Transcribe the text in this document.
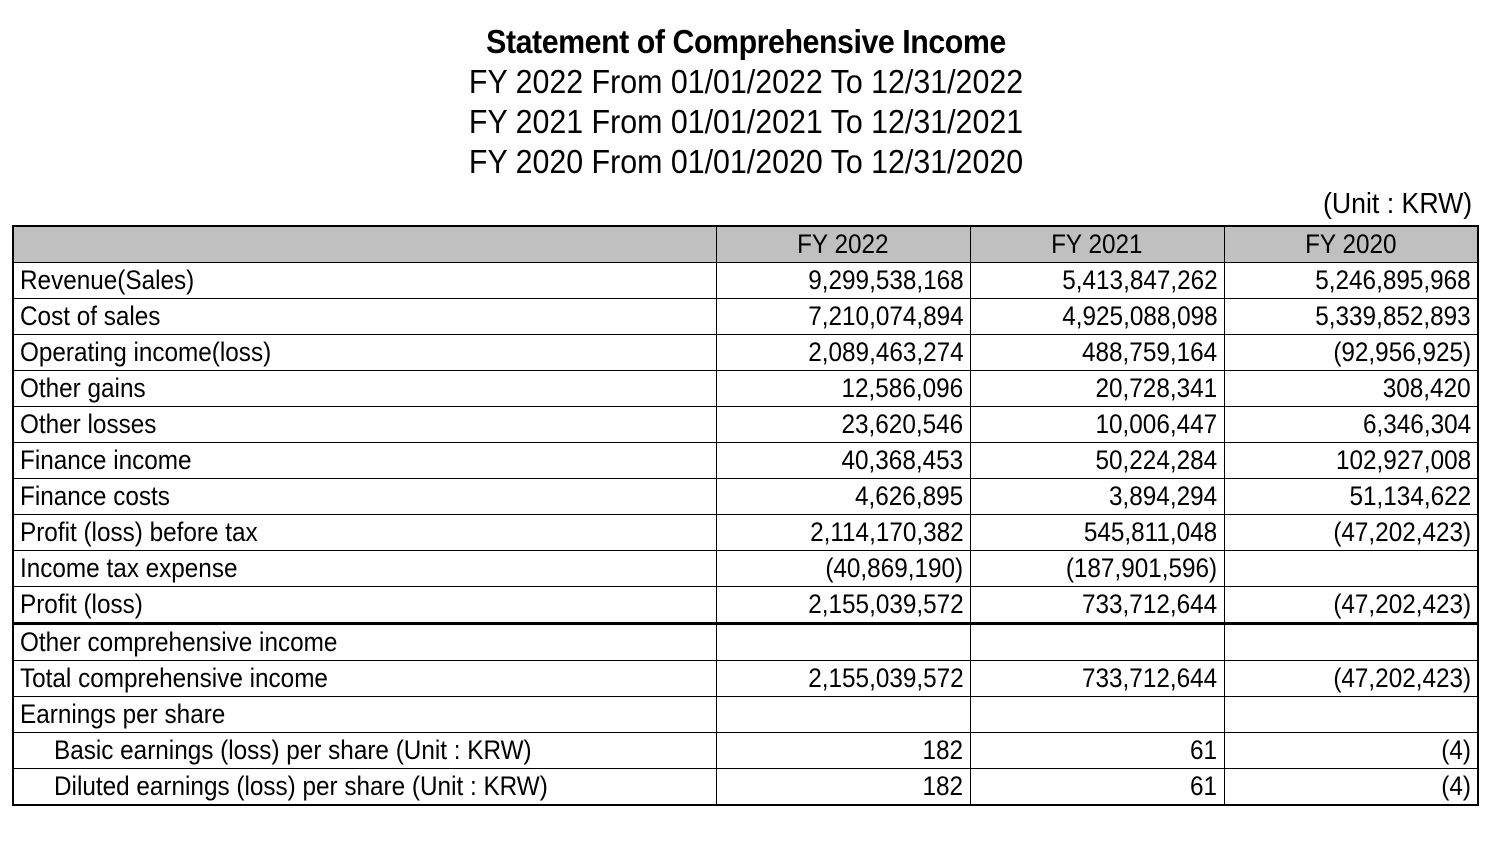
Statement of Comprehensive Income
FY 2022 From 01/01/2022 To 12/31/2022
FY 2021 From 01/01/2021 To 12/31/2021
FY 2020 From 01/01/2020 To 12/31/2020
(Unit : KRW)
	FY 2022	FY 2021	FY 2020
Revenue(Sales)	9,299,538,168	5,413,847,262	5,246,895,968
Cost of sales	7,210,074,894	4,925,088,098	5,339,852,893
Operating income(loss)	2,089,463,274	488,759,164	(92,956,925)
Other gains	12,586,096	20,728,341	308,420
Other losses	23,620,546	10,006,447	6,346,304
Finance income	40,368,453	50,224,284	102,927,008
Finance costs	4,626,895	3,894,294	51,134,622
Profit (loss) before tax	2,114,170,382	545,811,048	(47,202,423)
Income tax expense	(40,869,190)	(187,901,596)	
Profit (loss)	2,155,039,572	733,712,644	(47,202,423)
Other comprehensive income			
Total comprehensive income	2,155,039,572	733,712,644	(47,202,423)
Earnings per share			
Basic earnings (loss) per share (Unit : KRW)	182	61	(4)
Diluted earnings (loss) per share (Unit : KRW)	182	61	(4)
